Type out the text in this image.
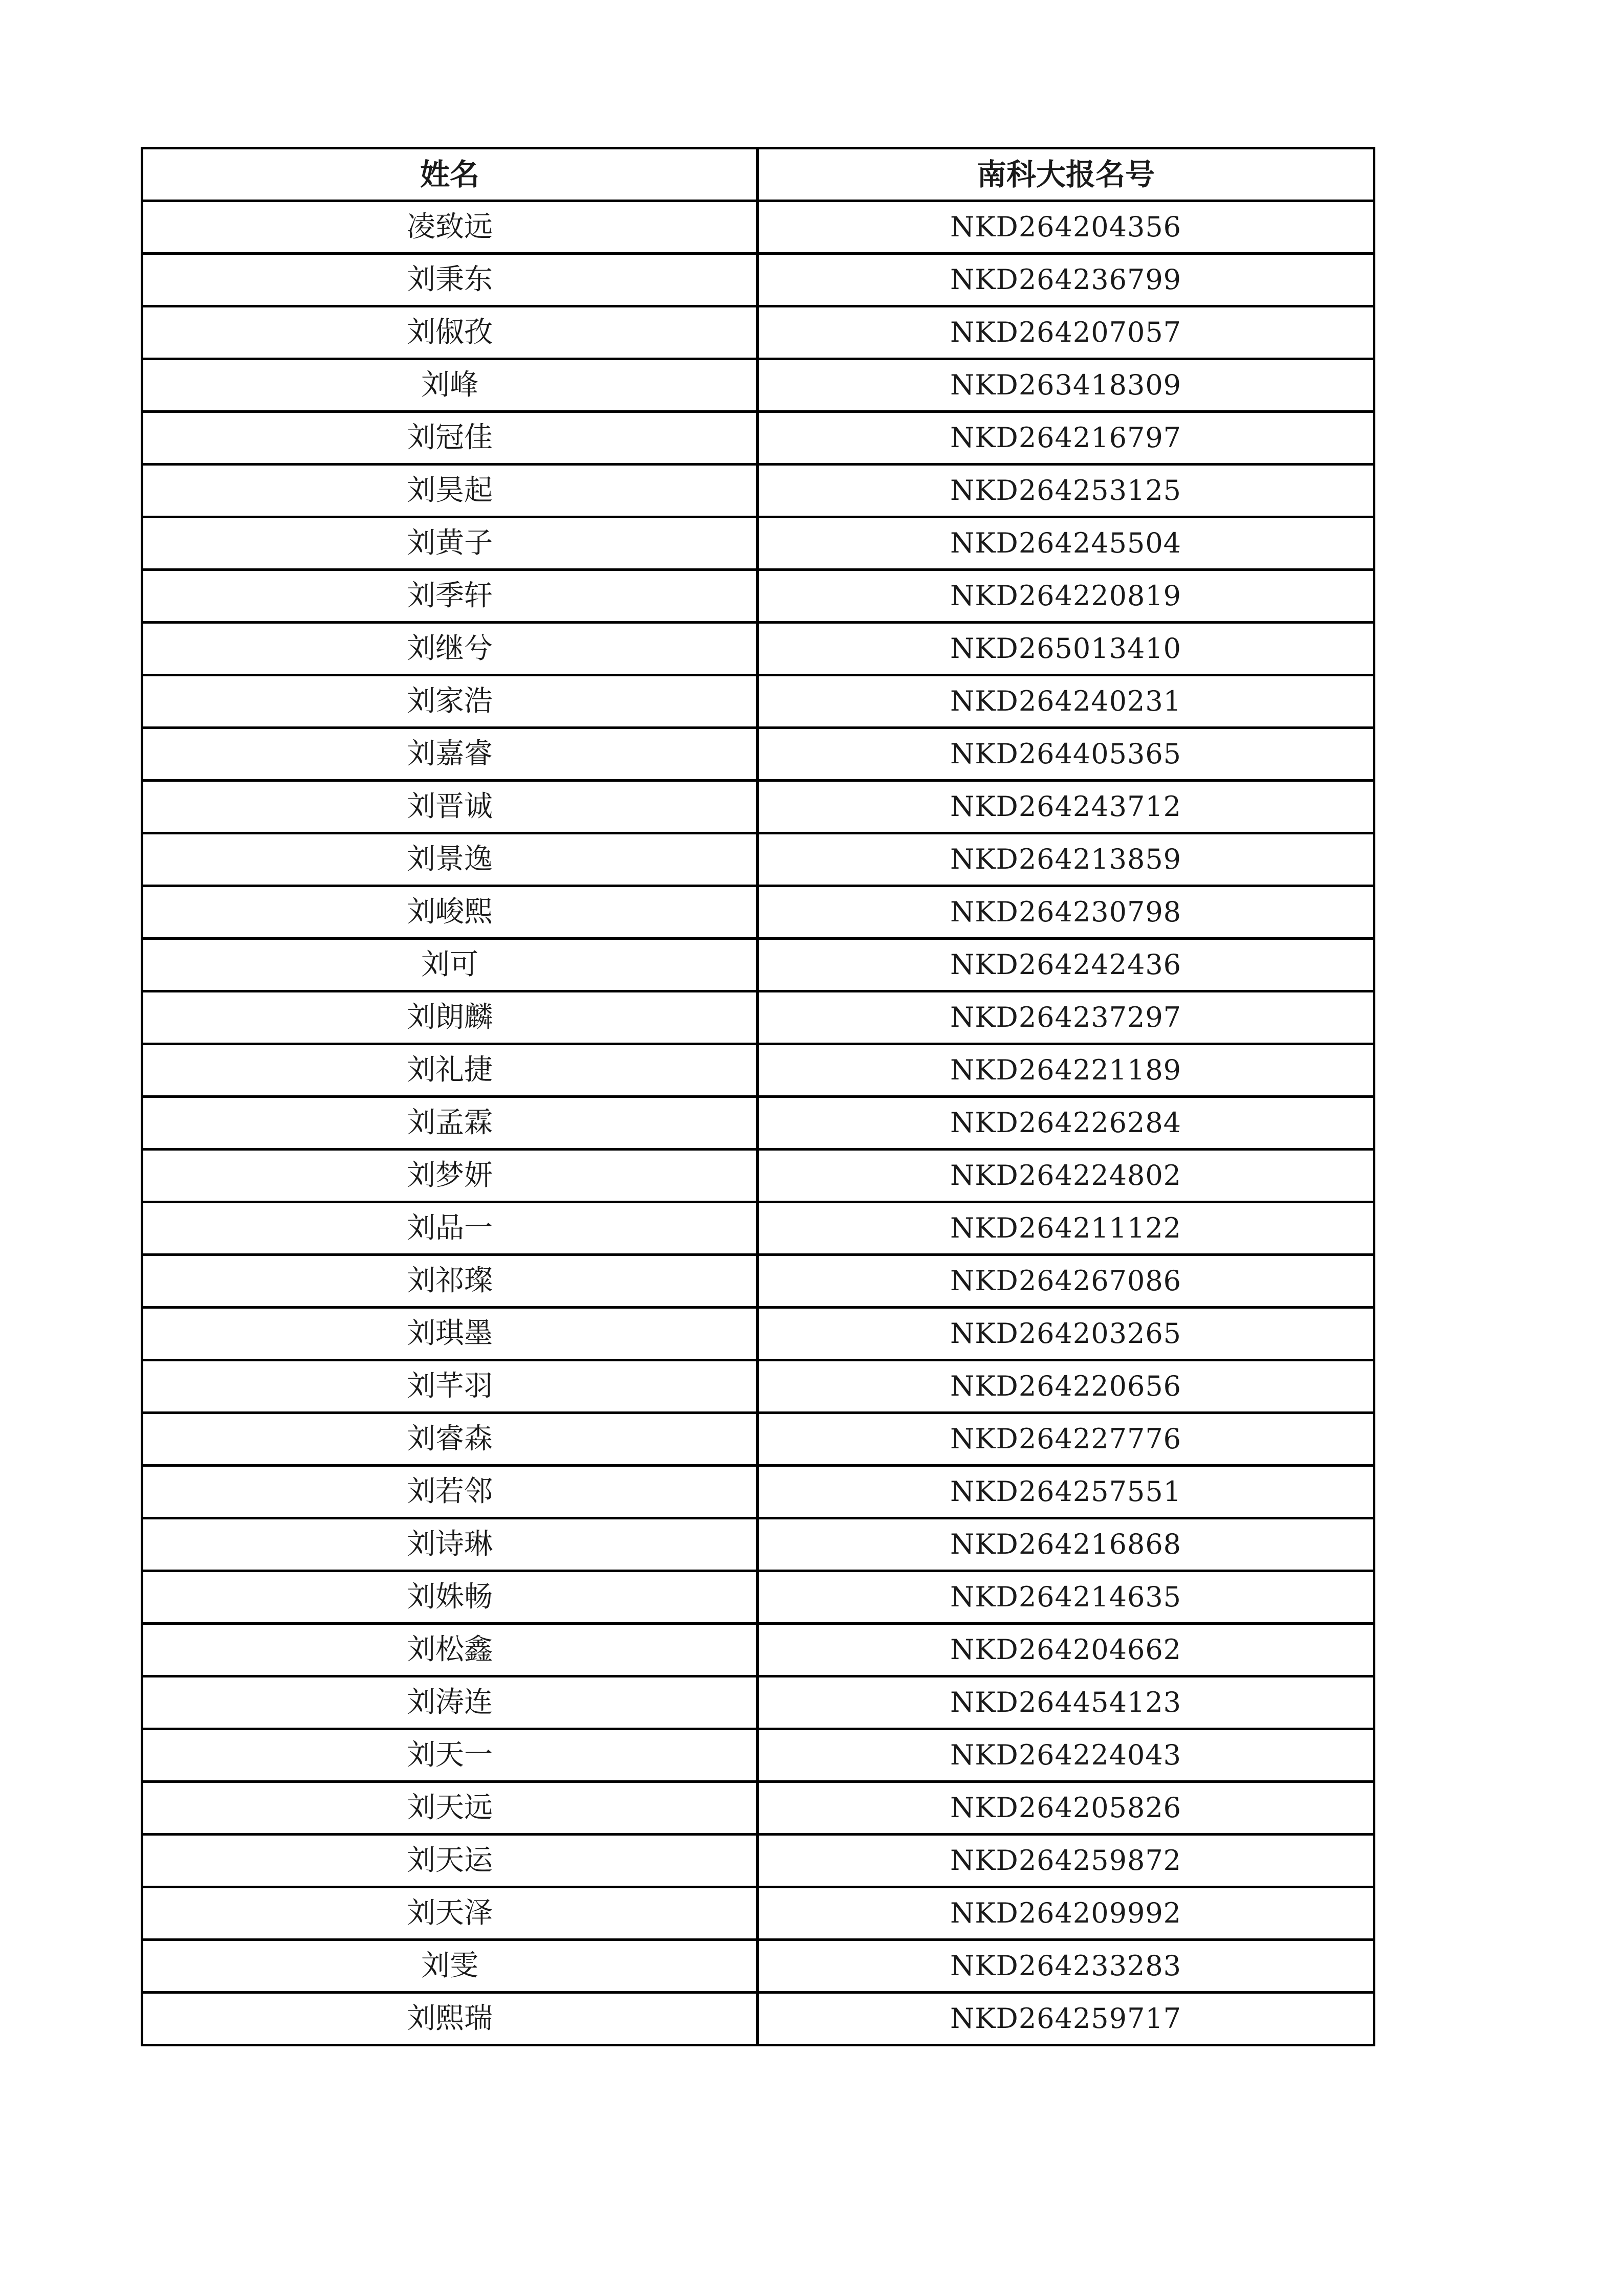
姓名	南科大报名号
凌致远	NKD264204356
刘秉东	NKD264236799
刘俶孜	NKD264207057
刘峰	NKD263418309
刘冠佳	NKD264216797
刘昊起	NKD264253125
刘黄子	NKD264245504
刘季轩	NKD264220819
刘继兮	NKD265013410
刘家浩	NKD264240231
刘嘉睿	NKD264405365
刘晋诚	NKD264243712
刘景逸	NKD264213859
刘峻熙	NKD264230798
刘可	NKD264242436
刘朗麟	NKD264237297
刘礼捷	NKD264221189
刘孟霖	NKD264226284
刘梦妍	NKD264224802
刘品一	NKD264211122
刘祁璨	NKD264267086
刘琪墨	NKD264203265
刘芊羽	NKD264220656
刘睿森	NKD264227776
刘若邻	NKD264257551
刘诗琳	NKD264216868
刘姝畅	NKD264214635
刘松鑫	NKD264204662
刘涛连	NKD264454123
刘天一	NKD264224043
刘天远	NKD264205826
刘天运	NKD264259872
刘天泽	NKD264209992
刘雯	NKD264233283
刘熙瑞	NKD264259717
